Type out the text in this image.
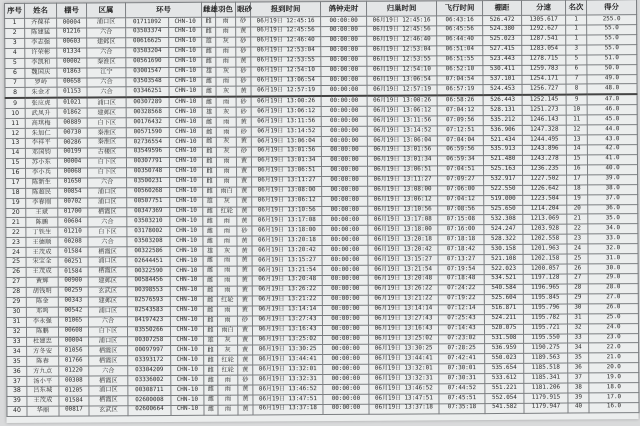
序号	姓名	棚号	区属	环号		雌雄	羽色	眼砂	报到时间	鸽钟走时	归巢时间	飞行时间	棚距	分速	名次	得分
1	齐葆祥	00004	浦口区	01711092	CHN-10	雌	雨	砂	06月19日 12:45:16	00:00:00	06月19日 12:45:16	06:43:16	526.472	1305.617	1	255.0
2	陈建猛	01216	六合	03503374	CHN-10	雌	雨	黄	06月19日 12:45:56	00:00:00	06月19日 12:45:56	06:45:56	524.380	1292.627	1	55.0
3	李志强	00603	建邺区	00616625	CHN-10	雄	灰	砂	06月19日 12:46:40	00:00:00	06月19日 12:46:40	06:44:40	525.023	1287.541	1	55.0
4	许荣彬	01334	六合	03503204	CHN-10	雌	雨	砂	06月19日 12:53:04	00:00:00	06月19日 12:53:04	06:51:04	527.415	1283.054	3	55.0
5	李凯和	00002	秦淮区	00561690	CHN-10	雌	雨	黄	06月19日 12:53:55	00:00:00	06月19日 12:53:55	06:51:55	523.443	1278.715	5	51.0
6	魏国庆	01863	江宁	03001547	CHN-10	雄	灰	砂	06月19日 12:54:10	00:00:00	06月19日 12:54:10	06:52:10	530.411	1259.783	6	50.0
7	罗岭	00658	六合	03503548	CHN-10	雌	雨	砂	06月19日 13:06:54	00:00:00	06月19日 13:06:54	07:04:54	537.101	1254.171	7	49.0
8	朱金才	01153	六合	03346251	CHN-10	雌	灰	黄	06月19日 12:57:19	00:00:00	06月19日 12:57:19	06:57:19	524.453	1256.727	8	48.0
9	张应虎	01021	浦口区	00307289	CHN-10	雌	雨	砂	06月19日 13:00:26	00:00:00	06月19日 13:00:26	06:58:26	526.443	1252.145	9	47.0
10	武凤升	01862	建邺区	00328568	CHN-10	雄	灰	砂	06月19日 13:06:12	00:00:00	06月19日 13:06:12	07:04:12	528.131	1251.273	10	46.0
11	高琪梅	00889	白下区	00176432	CHN-10	雌	雨	黄	06月19日 13:11:56	00:00:00	06月19日 13:11:56	07:09:56	535.212	1246.143	11	45.0
12	朱加仁	00730	秦淮区	00571590	CHN-10	雌	雨	砂	06月19日 13:14:52	00:00:00	06月19日 13:14:52	07:12:51	536.906	1247.328	12	44.0
13	李祥平	00286	秦淮区	02736554	CHN-10	雌	灰	黄	06月19日 13:06:04	00:00:00	06月19日 13:06:04	07:04:04	521.434	1244.495	13	43.0
14	邓国钧	00199	古楼区	03549596	CHN-10	雌	灰	砂	06月19日 13:01:56	00:00:00	06月19日 13:01:56	06:59:56	535.913	1243.896	14	42.0
15	苏小东	00004	白下区	00307791	CHN-10	雌	雨	黄	06月19日 13:01:34	00:00:00	06月19日 13:01:34	06:59:34	521.480	1243.278	15	41.0
16	李小兵	00068	白下区	00350748	CHN-10	雌	雨	黄	06月19日 13:06:51	00:00:00	06月19日 13:06:51	07:04:51	525.163	1236.235	16	40.0
17	陈新生	01650	六合	03500231	CHN-10	雌	雨	黄	06月19日 13:11:27	00:00:00	06月19日 13:11:27	07:09:27	532.917	1227.502	17	39.0
18	陈超民	00854	浦口区	00560268	CHN-10	雌	雨白	黄	06月19日 13:08:00	00:00:00	06月19日 13:08:00	07:06:00	522.550	1226.642	18	38.0
19	李春刚	00702	浦口区	00507751	CHN-10	雄	灰	黄	06月19日 13:06:12	00:00:00	06月19日 13:06:12	07:04:12	519.000	1223.504	19	37.0
20	王斌	01700	栖霞区	00347369	CHN-10	雌	红轮	黄	06月19日 13:10:56	00:00:00	06月19日 13:10:56	07:08:56	525.650	1214.204	20	36.0
21	陈鹏	00604	六合	03503210	CHN-10	雌	雨	黄	06月19日 13:17:08	00:00:00	06月19日 13:17:08	07:15:08	532.308	1213.069	21	35.0
22	丁铁生	01210	白下区	03178002	CHN-10	雌	雨	砂	06月19日 13:18:00	00:00:00	06月19日 13:18:00	07:16:00	524.247	1203.928	22	34.0
23	王德顺	00208	六合	03503208	CHN-10	雌	雨	黄	06月19日 13:20:18	00:00:00	06月19日 13:20:18	07:18:18	528.322	1202.558	23	33.0
24	王茂成	01584	栖霞区	00322586	CHN-10	雄	灰	黄	06月19日 13:20:42	00:00:00	06月19日 13:20:42	07:18:42	530.158	1201.963	24	32.0
25	宋宝全	00251	浦口区	02644451	CHN-10	雌	雨	黄	06月19日 13:15:27	00:00:00	06月19日 13:15:27	07:13:27	521.108	1202.158	25	31.0
26	王茂成	01584	栖霞区	00322590	CHN-10	雌	雨	黄	06月19日 13:21:54	00:00:00	06月19日 13:21:54	07:19:54	522.023	1200.057	26	30.0
27	黄辉	00900	建邺区	00584456	CHN-10	雌	雨	黄	06月19日 13:20:48	00:00:00	06月19日 13:20:48	07:18:48	534.521	1197.128	27	29.0
28	胡钱明	00259	玄武区	00398553	CHN-10	雌	雨	黄	06月19日 13:26:22	00:00:00	06月19日 13:26:22	07:24:22	540.584	1196.965	28	28.0
29	陈金	00343	建邺区	02576593	CHN-10	雌	红轮	黄	06月19日 13:21:22	00:00:00	06月19日 13:21:22	07:19:22	525.604	1195.845	29	27.0
30	邓鸣	00542	浦口区	02543583	CHN-10	雌	雨	黄	06月19日 13:14:14	00:00:00	06月19日 13:14:14	07:12:14	516.871	1195.796	30	26.0
31	李永强	01065	六合	04197423	CHN-10	雌	雨	砂	06月19日 13:27:43	00:00:00	06月19日 13:27:43	07:25:43	524.211	1195.782	31	25.0
32	陈鹏	00608	白下区	03550266	CHN-10	雌	雨白	黄	06月19日 13:16:43	00:00:00	06月19日 13:16:43	07:14:43	520.075	1195.721	32	24.0
33	杜建忠	00004	浦口区	00307258	CHN-10	雄	灰	黄	06月19日 13:25:02	00:00:00	06月19日 13:25:02	07:23:02	531.508	1195.550	33	23.0
34	方冬安	01056	栖霞区	00097997	CHN-10	雌	灰	黄	06月19日 13:30:25	00:00:00	06月19日 13:30:25	07:28:25	536.959	1190.275	34	22.0
35	陈春	01766	栖霞区	03393172	CHN-10	雌	红轮	黄	06月19日 13:44:41	00:00:00	06月19日 13:44:41	07:42:41	550.023	1189.563	35	21.0
36	方九点	01220	六合	03304209	CHN-10	雌	红轮	黄	06月19日 13:32:01	00:00:00	06月19日 13:32:01	07:30:01	535.654	1185.518	36	20.0
37	汤小平	00308	栖霞区	03336002	CHN-10	雌	雨	砂	06月19日 13:32:31	00:00:00	06月19日 13:32:31	07:30:31	533.612	1185.341	37	19.0
38	吕东城	01205	浦口区	00308711	CHN-10	雌	雨	黄	06月19日 13:46:52	00:00:00	06月19日 13:46:52	07:44:52	551.221	1181.206	38	18.0
39	王茂成	01584	栖霞区	02600008	CHN-10	雌	雨	黄	06月19日 13:47:51	00:00:00	06月19日 13:47:51	07:45:51	552.054	1179.915	39	17.0
40	华丽	00817	玄武区	02600664	CHN-10	雌	雨	黄	06月19日 13:37:18	00:00:00	06月19日 13:37:18	07:35:18	541.582	1179.947	40	16.0
